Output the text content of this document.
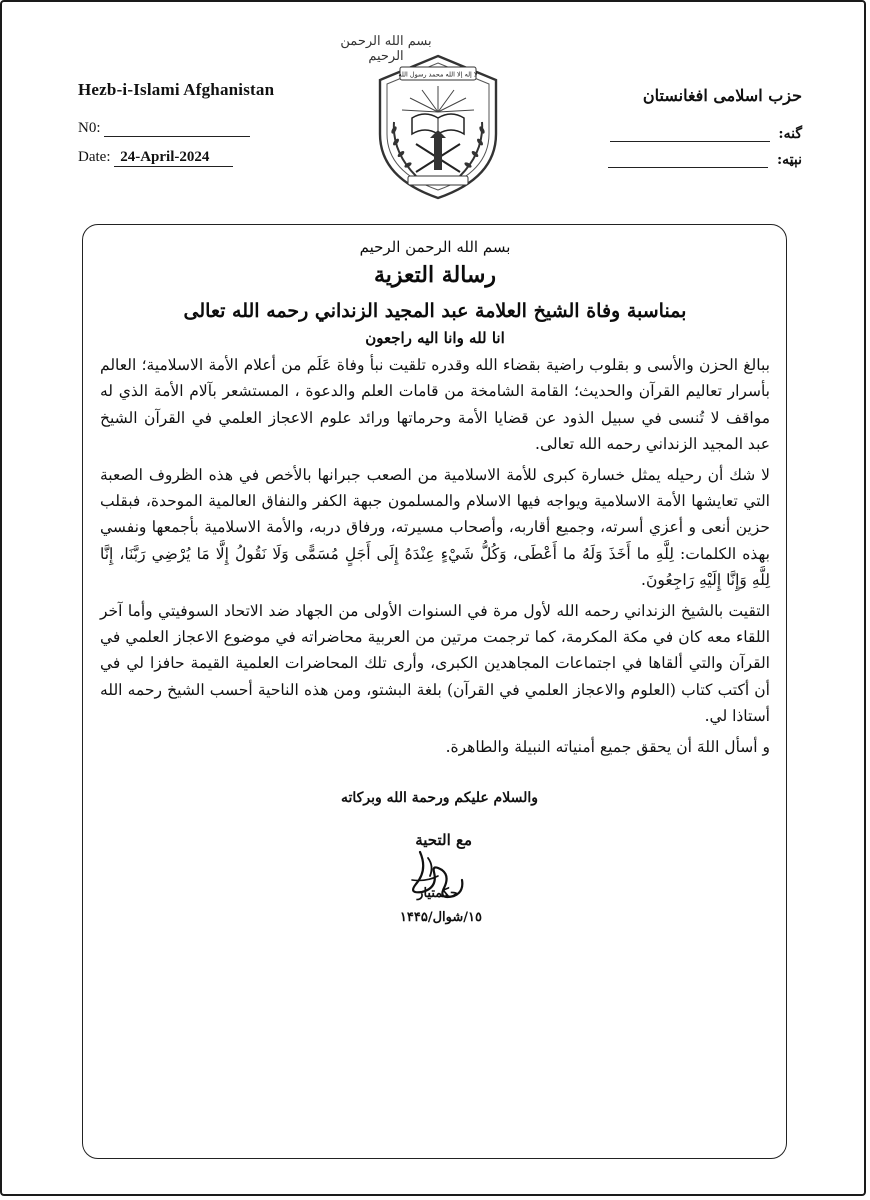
بسم الله الرحمن الرحيم
لا إله إلا الله محمد رسول الله
Hezb-i-Islami Afghanistan
N0:
Date: 24-April-2024
حزب اسلامی افغانستان
گنه:
نېټه:
بسم الله الرحمن الرحيم
رسالة التعزية
بمناسبة وفاة الشيخ العلامة عبد المجيد الزنداني رحمه الله تعالى
انا لله وانا اليه راجعون

ببالغ الحزن والأسى و بقلوب راضية بقضاء الله وقدره تلقيت نبأ وفاة عَلَم من أعلام الأمة الاسلامية؛ العالم بأسرار تعاليم القرآن والحديث؛ القامة الشامخة من قامات العلم والدعوة ، المستشعر بآلام الأمة الذي له مواقف لا تُنسى في سبيل الذود عن قضايا الأمة وحرماتها ورائد علوم الاعجاز العلمي في القرآن الشيخ عبد المجيد الزنداني رحمه الله تعالى.

لا شك أن رحيله يمثل خسارة كبرى للأمة الاسلامية من الصعب جبرانها بالأخص في هذه الظروف الصعبة التي تعايشها الأمة الاسلامية ويواجه فيها الاسلام والمسلمون جبهة الكفر والنفاق العالمية الموحدة، فبقلب حزين أنعى و أعزي أسرته، وجميع أقاربه، وأصحاب مسيرته، ورفاق دربه، والأمة الاسلامية بأجمعها ونفسي بهذه الكلمات: لِلَّهِ ما أَخَذَ وَلَهُ ما أَعْطَى، وَكُلُّ شَيْءٍ عِنْدَهُ إِلَى أَجَلٍ مُسَمًّى وَلَا نَقُولُ إِلَّا مَا يُرْضِي رَبَّنَا، إِنَّا لِلَّهِ وَإِنَّا إِلَيْهِ رَاجِعُونَ.

التقيت بالشيخ الزنداني رحمه الله لأول مرة في السنوات الأولى من الجهاد ضد الاتحاد السوفيتي وأما آخر اللقاء معه كان في مكة المكرمة، كما ترجمت مرتين من العربية محاضراته في موضوع الاعجاز العلمي في القرآن والتي ألقاها في اجتماعات المجاهدين الكبرى، وأرى تلك المحاضرات العلمية القيمة حافزا لي في أن أكتب كتاب (العلوم والاعجاز العلمي في القرآن) بلغة البشتو، ومن هذه الناحية أحسب الشيخ رحمه الله أستاذا لي.

و أسأل اللهَ أن يحقق جميع أمنياته النبيلة والطاهرة.

والسلام عليكم ورحمة الله وبركاته
مع التحية
حكمتيار
١٥/شوال/١۴۴۵
